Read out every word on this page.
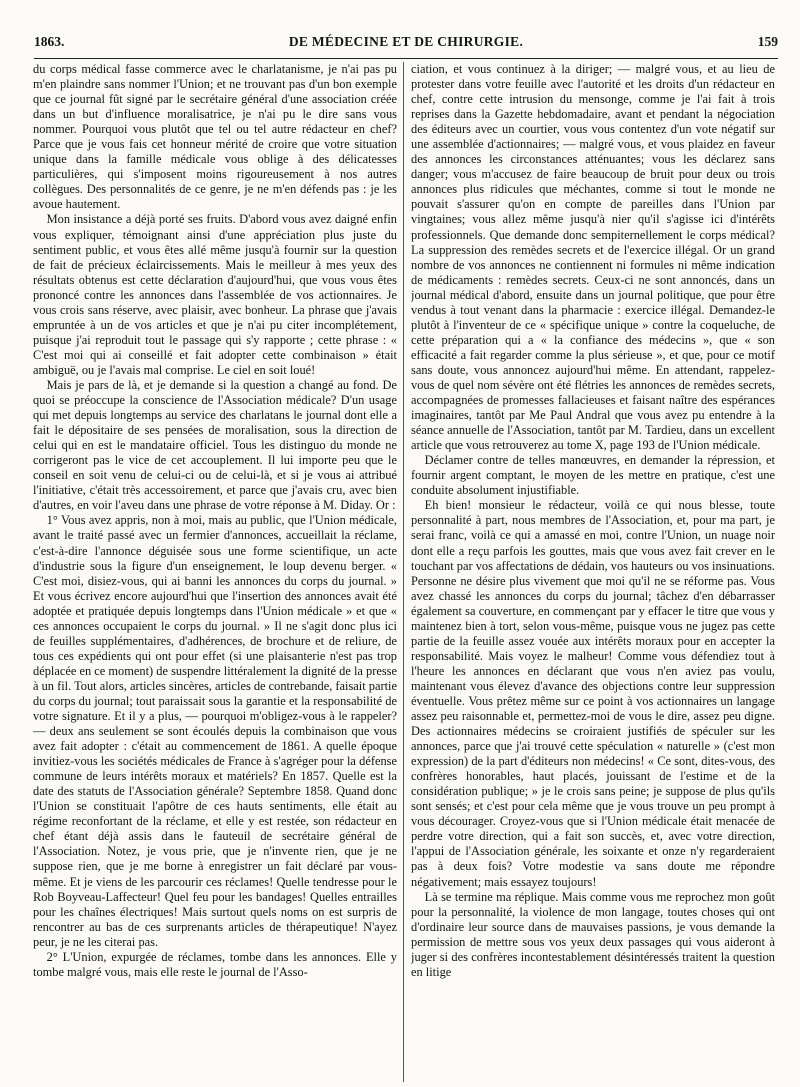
1863.	DE MÉDECINE ET DE CHIRURGIE.	159

du corps médical fasse commerce avec le charlatanisme, je n'ai pas pu m'en plaindre sans nommer l'Union; et ne trouvant pas d'un bon exemple que ce journal fût signé par le secrétaire général d'une association créée dans un but d'influence moralisatrice, je n'ai pu le dire sans vous nommer. Pourquoi vous plutôt que tel ou tel autre rédacteur en chef? Parce que je vous fais cet honneur mérité de croire que votre situation unique dans la famille médicale vous oblige à des délicatesses particulières, qui s'imposent moins rigoureusement à nos autres collègues. Des personnalités de ce genre, je ne m'en défends pas : je les avoue hautement.

Mon insistance a déjà porté ses fruits. D'abord vous avez daigné enfin vous expliquer, témoignant ainsi d'une appréciation plus juste du sentiment public, et vous êtes allé même jusqu'à fournir sur la question de fait de précieux éclaircissements. Mais le meilleur à mes yeux des résultats obtenus est cette déclaration d'aujourd'hui, que vous vous êtes prononcé contre les annonces dans l'assemblée de vos actionnaires. Je vous crois sans réserve, avec plaisir, avec bonheur. La phrase que j'avais empruntée à un de vos articles et que je n'ai pu citer incomplétement, puisque j'ai reproduit tout le passage qui s'y rapporte ; cette phrase : « C'est moi qui ai conseillé et fait adopter cette combinaison » était ambiguë, ou je l'avais mal comprise. Le ciel en soit loué!

Mais je pars de là, et je demande si la question a changé au fond. De quoi se préoccupe la conscience de l'Association médicale? D'un usage qui met depuis longtemps au service des charlatans le journal dont elle a fait le dépositaire de ses pensées de moralisation, sous la direction de celui qui en est le mandataire officiel. Tous les distinguo du monde ne corrigeront pas le vice de cet accouplement. Il lui importe peu que le conseil en soit venu de celui-ci ou de celui-là, et si je vous ai attribué l'initiative, c'était très accessoirement, et parce que j'avais cru, avec bien d'autres, en voir l'aveu dans une phrase de votre réponse à M. Diday. Or :

1° Vous avez appris, non à moi, mais au public, que l'Union médicale, avant le traité passé avec un fermier d'annonces, accueillait la réclame, c'est-à-dire l'annonce déguisée sous une forme scientifique, un acte d'industrie sous la figure d'un enseignement, le loup devenu berger. « C'est moi, disiez-vous, qui ai banni les annonces du corps du journal. » Et vous écrivez encore aujourd'hui que l'insertion des annonces avait été adoptée et pratiquée depuis longtemps dans l'Union médicale » et que « ces annonces occupaient le corps du journal. » Il ne s'agit donc plus ici de feuilles supplémentaires, d'adhérences, de brochure et de reliure, de tous ces expédients qui ont pour effet (si une plaisanterie n'est pas trop déplacée en ce moment) de suspendre littéralement la dignité de la presse à un fil. Tout alors, articles sincères, articles de contrebande, faisait partie du corps du journal; tout paraissait sous la garantie et la responsabilité de votre signature. Et il y a plus, — pourquoi m'obligez-vous à le rappeler? — deux ans seulement se sont écoulés depuis la combinaison que vous avez fait adopter : c'était au commencement de 1861. A quelle époque invitiez-vous les sociétés médicales de France à s'agréger pour la défense commune de leurs intérêts moraux et matériels? En 1857. Quelle est la date des statuts de l'Association générale? Septembre 1858. Quand donc l'Union se constituait l'apôtre de ces hauts sentiments, elle était au régime reconfortant de la réclame, et elle y est restée, son rédacteur en chef étant déjà assis dans le fauteuil de secrétaire général de l'Association. Notez, je vous prie, que je n'invente rien, que je ne suppose rien, que je me borne à enregistrer un fait déclaré par vous-même. Et je viens de les parcourir ces réclames! Quelle tendresse pour le Rob Boyveau-Laffecteur! Quel feu pour les bandages! Quelles entrailles pour les chaînes électriques! Mais surtout quels noms on est surpris de rencontrer au bas de ces surprenants articles de thérapeutique! N'ayez peur, je ne les citerai pas.

2° L'Union, expurgée de réclames, tombe dans les annonces. Elle y tombe malgré vous, mais elle reste le journal de l'Asso-

ciation, et vous continuez à la diriger; — malgré vous, et au lieu de protester dans votre feuille avec l'autorité et les droits d'un rédacteur en chef, contre cette intrusion du mensonge, comme je l'ai fait à trois reprises dans la Gazette hebdomadaire, avant et pendant la négociation des éditeurs avec un courtier, vous vous contentez d'un vote négatif sur une assemblée d'actionnaires; — malgré vous, et vous plaidez en faveur des annonces les circonstances atténuantes; vous les déclarez sans danger; vous m'accusez de faire beaucoup de bruit pour deux ou trois annonces plus ridicules que méchantes, comme si tout le monde ne pouvait s'assurer qu'on en compte de pareilles dans l'Union par vingtaines; vous allez même jusqu'à nier qu'il s'agisse ici d'intérêts professionnels. Que demande donc sempiternellement le corps médical? La suppression des remèdes secrets et de l'exercice illégal. Or un grand nombre de vos annonces ne contiennent ni formules ni même indication de médicaments : remèdes secrets. Ceux-ci ne sont annoncés, dans un journal médical d'abord, ensuite dans un journal politique, que pour être vendus à tout venant dans la pharmacie : exercice illégal. Demandez-le plutôt à l'inventeur de ce « spécifique unique » contre la coqueluche, de cette préparation qui a « la confiance des médecins », que « son efficacité a fait regarder comme la plus sérieuse », et que, pour ce motif sans doute, vous annoncez aujourd'hui même. En attendant, rappelez-vous de quel nom sévère ont été flétries les annonces de remèdes secrets, accompagnées de promesses fallacieuses et faisant naître des espérances imaginaires, tantôt par Me Paul Andral que vous avez pu entendre à la séance annuelle de l'Association, tantôt par M. Tardieu, dans un excellent article que vous retrouverez au tome X, page 193 de l'Union médicale.

Déclamer contre de telles manœuvres, en demander la répression, et fournir argent comptant, le moyen de les mettre en pratique, c'est une conduite absolument injustifiable.

Eh bien! monsieur le rédacteur, voilà ce qui nous blesse, toute personnalité à part, nous membres de l'Association, et, pour ma part, je serai franc, voilà ce qui a amassé en moi, contre l'Union, un nuage noir dont elle a reçu parfois les gouttes, mais que vous avez fait crever en le touchant par vos affectations de dédain, vos hauteurs ou vos insinuations. Personne ne désire plus vivement que moi qu'il ne se réforme pas. Vous avez chassé les annonces du corps du journal; tâchez d'en débarrasser également sa couverture, en commençant par y effacer le titre que vous y maintenez bien à tort, selon vous-même, puisque vous ne jugez pas cette partie de la feuille assez vouée aux intérêts moraux pour en accepter la responsabilité. Mais voyez le malheur! Comme vous défendiez tout à l'heure les annonces en déclarant que vous n'en aviez pas voulu, maintenant vous élevez d'avance des objections contre leur suppression éventuelle. Vous prêtez même sur ce point à vos actionnaires un langage assez peu raisonnable et, permettez-moi de vous le dire, assez peu digne. Des actionnaires médecins se croiraient justifiés de spéculer sur les annonces, parce que j'ai trouvé cette spéculation « naturelle » (c'est mon expression) de la part d'éditeurs non médecins! « Ce sont, dites-vous, des confrères honorables, haut placés, jouissant de l'estime et de la considération publique; » je le crois sans peine; je suppose de plus qu'ils sont sensés; et c'est pour cela même que je vous trouve un peu prompt à vous décourager. Croyez-vous que si l'Union médicale était menacée de perdre votre direction, qui a fait son succès, et, avec votre direction, l'appui de l'Association générale, les soixante et onze n'y regarderaient pas à deux fois? Votre modestie va sans doute me répondre négativement; mais essayez toujours!

Là se termine ma réplique. Mais comme vous me reprochez mon goût pour la personnalité, la violence de mon langage, toutes choses qui ont d'ordinaire leur source dans de mauvaises passions, je vous demande la permission de mettre sous vos yeux deux passages qui vous aideront à juger si des confrères incontestablement désintéressés traitent la question en litige
